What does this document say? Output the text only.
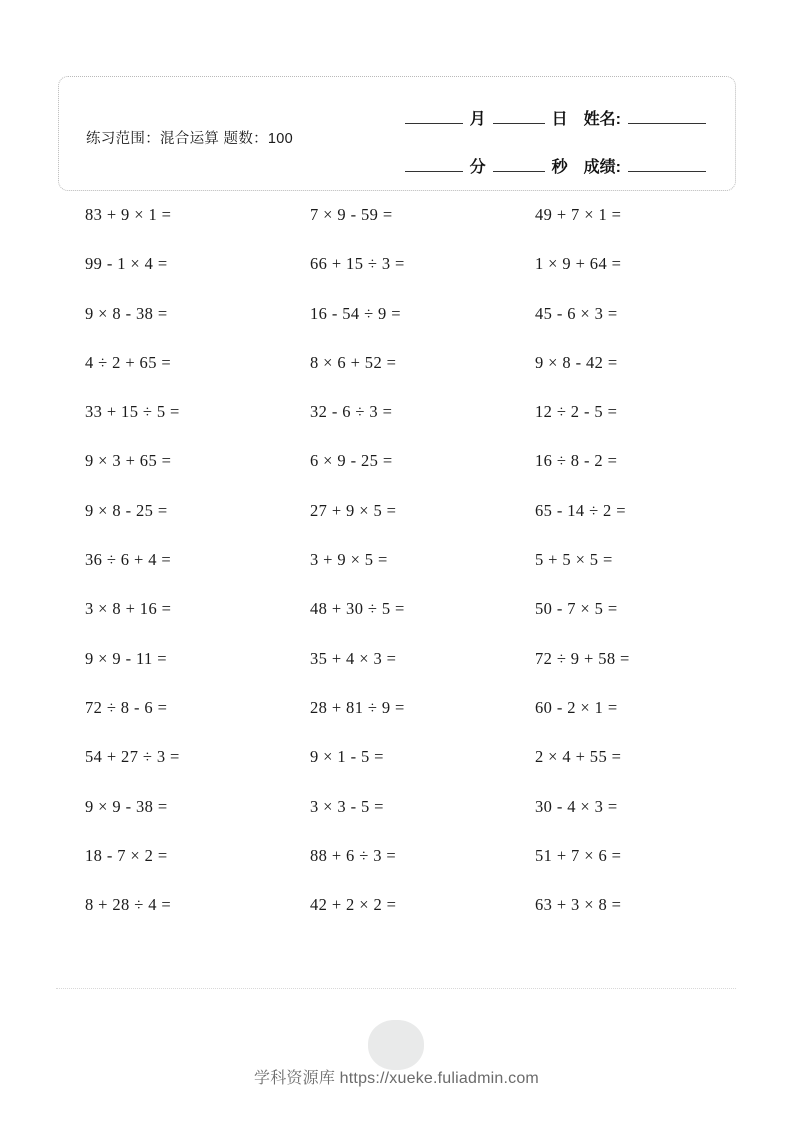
练习范围：混合运算 题数：100
月	日	姓名:
分	秒	成绩:
83 + 9 × 1 =	7 × 9 - 59 =	49 + 7 × 1 =
99 - 1 × 4 =	66 + 15 ÷ 3 =	1 × 9 + 64 =
9 × 8 - 38 =	16 - 54 ÷ 9 =	45 - 6 × 3 =
4 ÷ 2 + 65 =	8 × 6 + 52 =	9 × 8 - 42 =
33 + 15 ÷ 5 =	32 - 6 ÷ 3 =	12 ÷ 2 - 5 =
9 × 3 + 65 =	6 × 9 - 25 =	16 ÷ 8 - 2 =
9 × 8 - 25 =	27 + 9 × 5 =	65 - 14 ÷ 2 =
36 ÷ 6 + 4 =	3 + 9 × 5 =	5 + 5 × 5 =
3 × 8 + 16 =	48 + 30 ÷ 5 =	50 - 7 × 5 =
9 × 9 - 11 =	35 + 4 × 3 =	72 ÷ 9 + 58 =
72 ÷ 8 - 6 =	28 + 81 ÷ 9 =	60 - 2 × 1 =
54 + 27 ÷ 3 =	9 × 1 - 5 =	2 × 4 + 55 =
9 × 9 - 38 =	3 × 3 - 5 =	30 - 4 × 3 =
18 - 7 × 2 =	88 + 6 ÷ 3 =	51 + 7 × 6 =
8 + 28 ÷ 4 =	42 + 2 × 2 =	63 + 3 × 8 =
学科资源库 https://xueke.fuliadmin.com
